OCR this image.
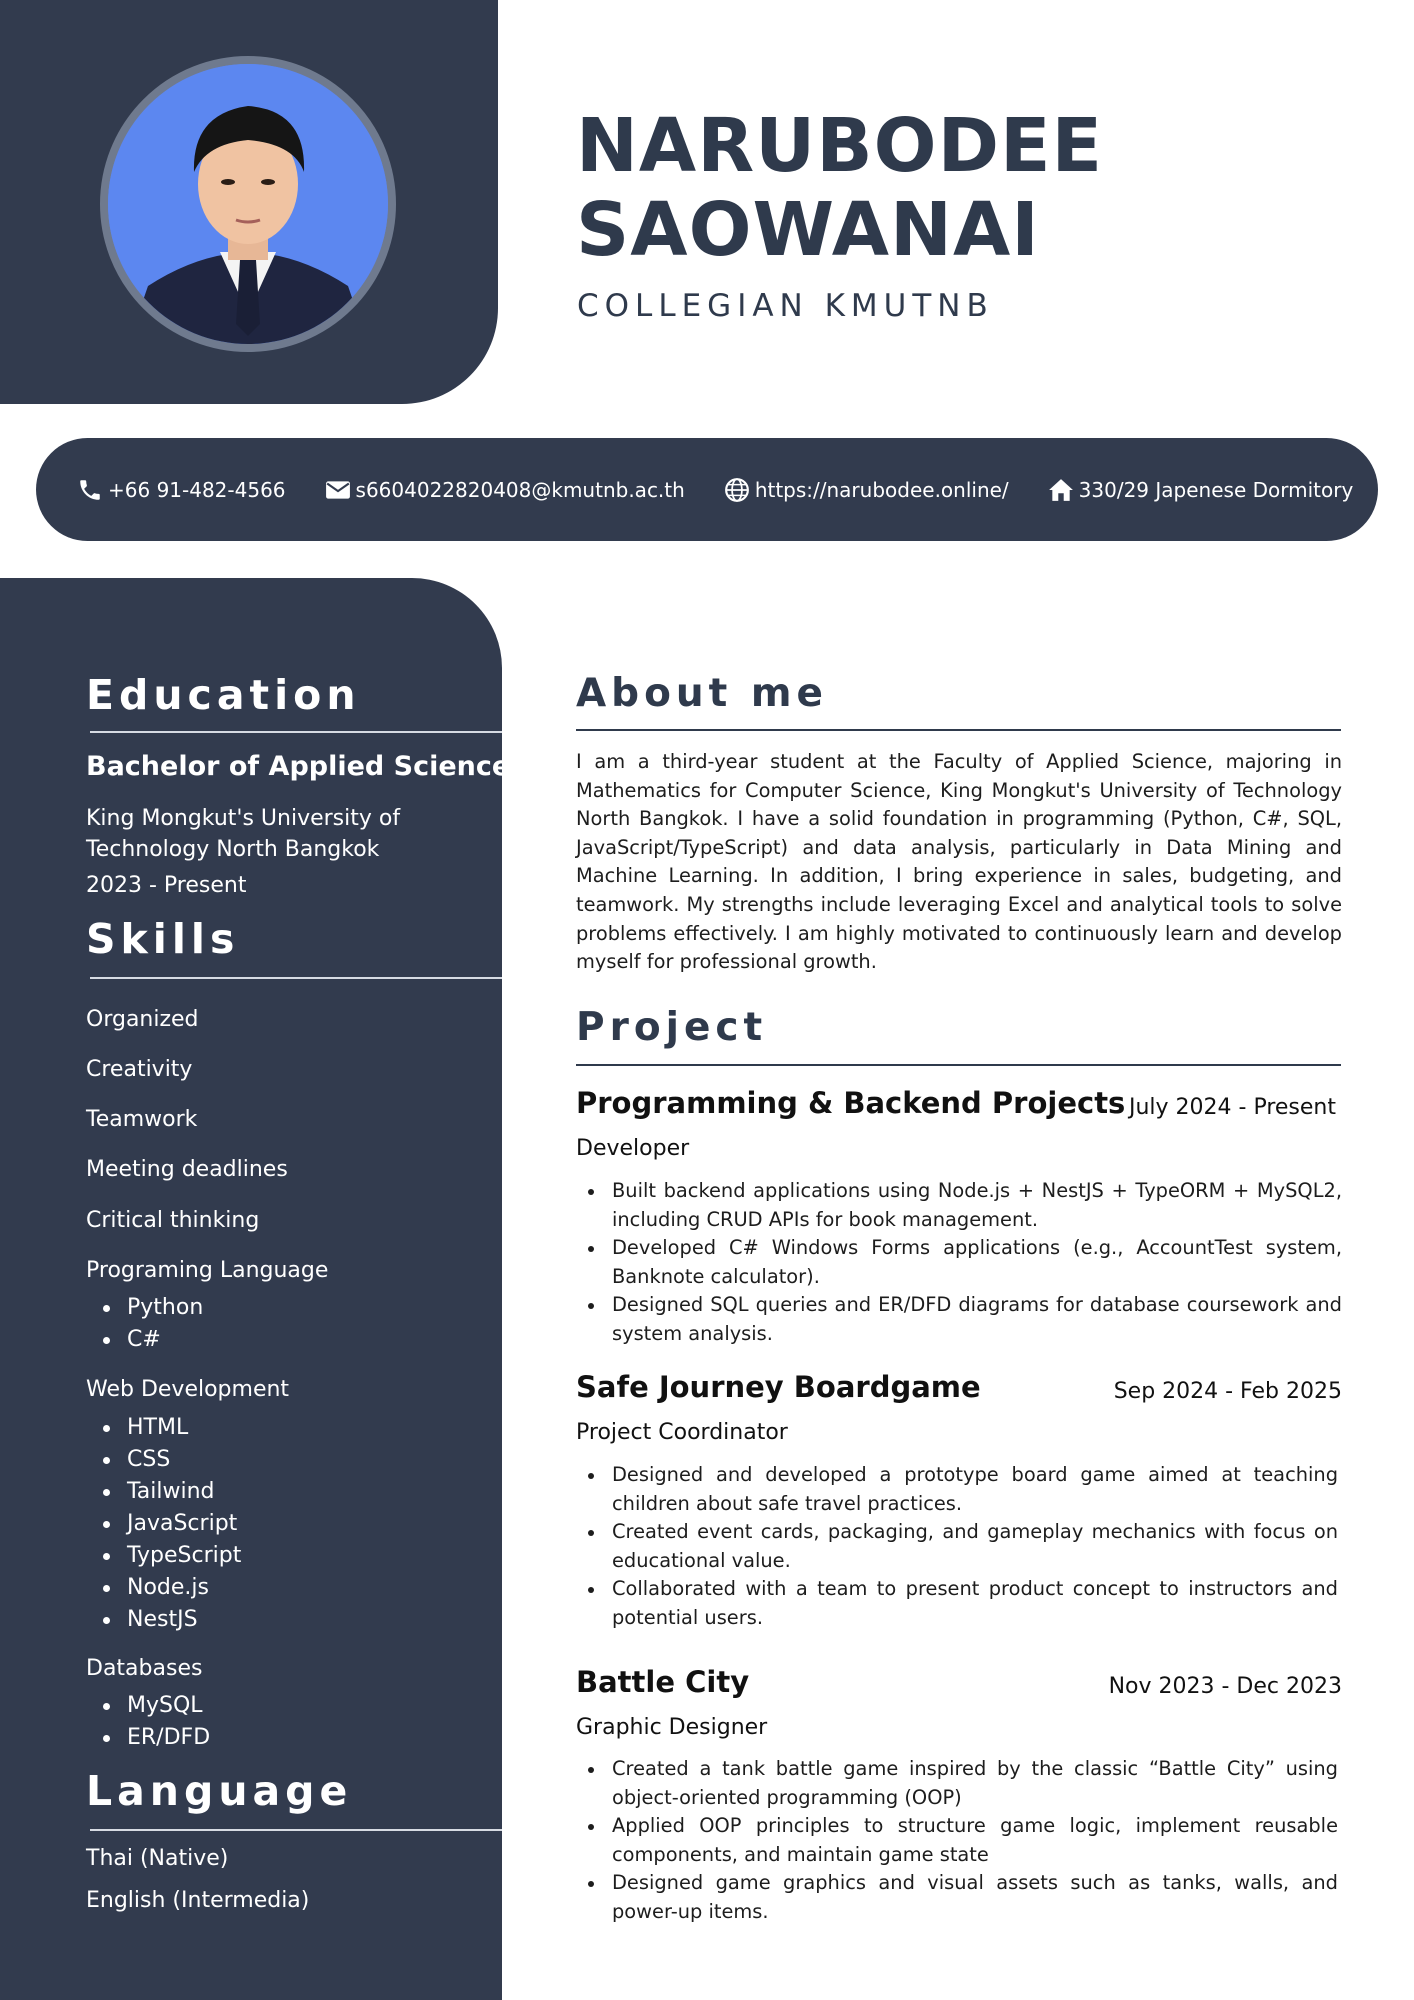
NARUBODEE
SAOWANAI
COLLEGIAN KMUTNB
+66 91-482-4566	s6604022820408@kmutnb.ac.th	https://narubodee.online/	330/29 Japenese Dormitory
Education
Bachelor of Applied Science
King Mongkut's University of
Technology North Bangkok
2023 - Present
Skills
Organized
Creativity
Teamwork
Meeting deadlines
Critical thinking
Programing Language
Python
C#
Web Development
HTML
CSS
Tailwind
JavaScript
TypeScript
Node.js
NestJS
Databases
MySQL
ER/DFD
Language
Thai (Native)
English (Intermedia)
About me
I am a third-year student at the Faculty of Applied Science, majoring in Mathematics for Computer Science, King Mongkut's University of Technology North Bangkok. I have a solid foundation in programming (Python, C#, SQL, JavaScript/TypeScript) and data analysis, particularly in Data Mining and Machine Learning. In addition, I bring experience in sales, budgeting, and teamwork. My strengths include leveraging Excel and analytical tools to solve problems effectively. I am highly motivated to continuously learn and develop myself for professional growth.
Project
Programming & Backend Projects July 2024 - Present
Developer
Built backend applications using Node.js + NestJS + TypeORM + MySQL2, including CRUD APIs for book management.
Developed C# Windows Forms applications (e.g., AccountTest system, Banknote calculator).
Designed SQL queries and ER/DFD diagrams for database coursework and system analysis.
Safe Journey Boardgame	Sep 2024 - Feb 2025
Project Coordinator
Designed and developed a prototype board game aimed at teaching children about safe travel practices.
Created event cards, packaging, and gameplay mechanics with focus on educational value.
Collaborated with a team to present product concept to instructors and potential users.
Battle City	Nov 2023 - Dec 2023
Graphic Designer
Created a tank battle game inspired by the classic “Battle City” using object-oriented programming (OOP)
Applied OOP principles to structure game logic, implement reusable components, and maintain game state
Designed game graphics and visual assets such as tanks, walls, and power-up items.
